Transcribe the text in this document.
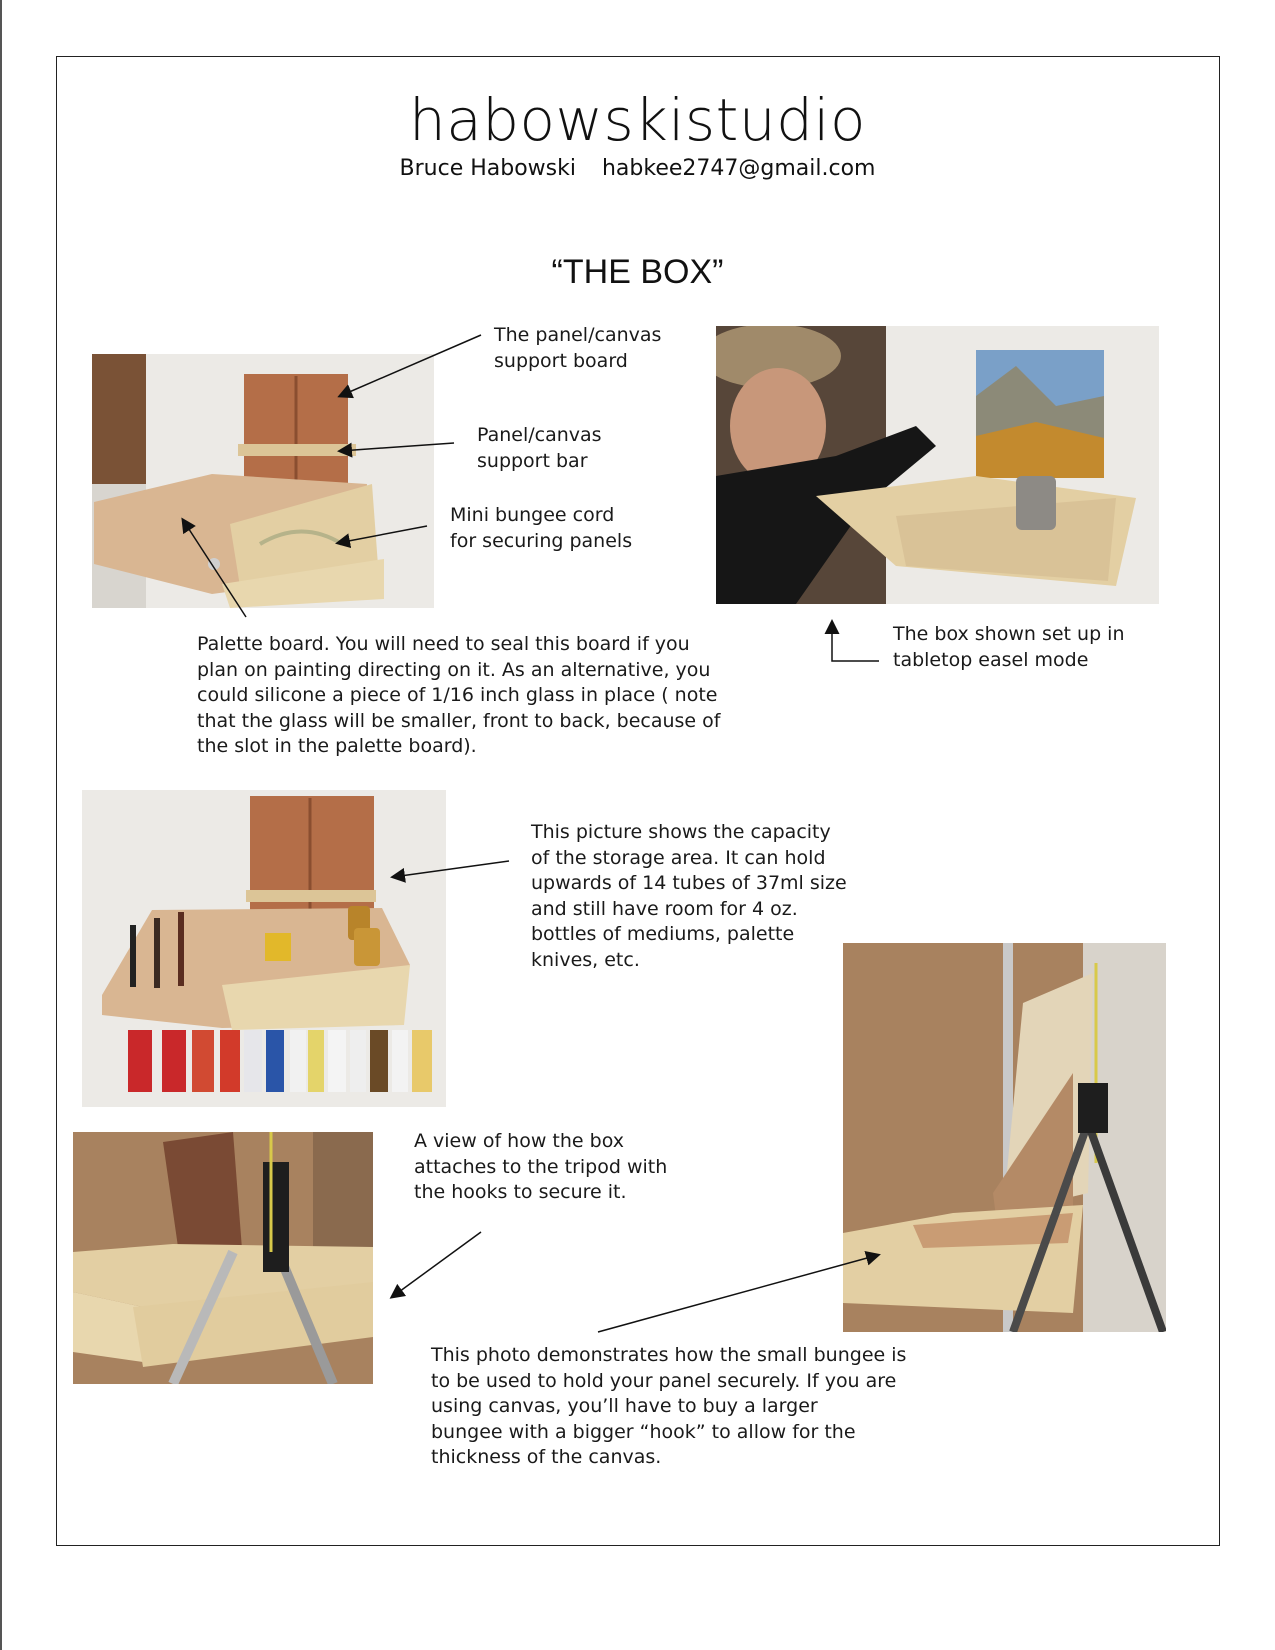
habowskistudio
Bruce Habowski habkee2747@gmail.com
“THE BOX”
The panel/canvas
support board
Panel/canvas
support bar
Mini bungee cord
for securing panels
Palette board. You will need to seal this board if you
plan on painting directing on it. As an alternative, you
could silicone a piece of 1/16 inch glass in place ( note
that the glass will be smaller, front to back, because of
the slot in the palette board).
The box shown set up in
tabletop easel mode
This picture shows the capacity
of the storage area. It can hold
upwards of 14 tubes of 37ml size
and still have room for 4 oz.
bottles of mediums, palette
knives, etc.
A view of how the box
attaches to the tripod with
the hooks to secure it.
This photo demonstrates how the small bungee is
to be used to hold your panel securely. If you are
using canvas, you’ll have to buy a larger
bungee with a bigger “hook” to allow for the
thickness of the canvas.
